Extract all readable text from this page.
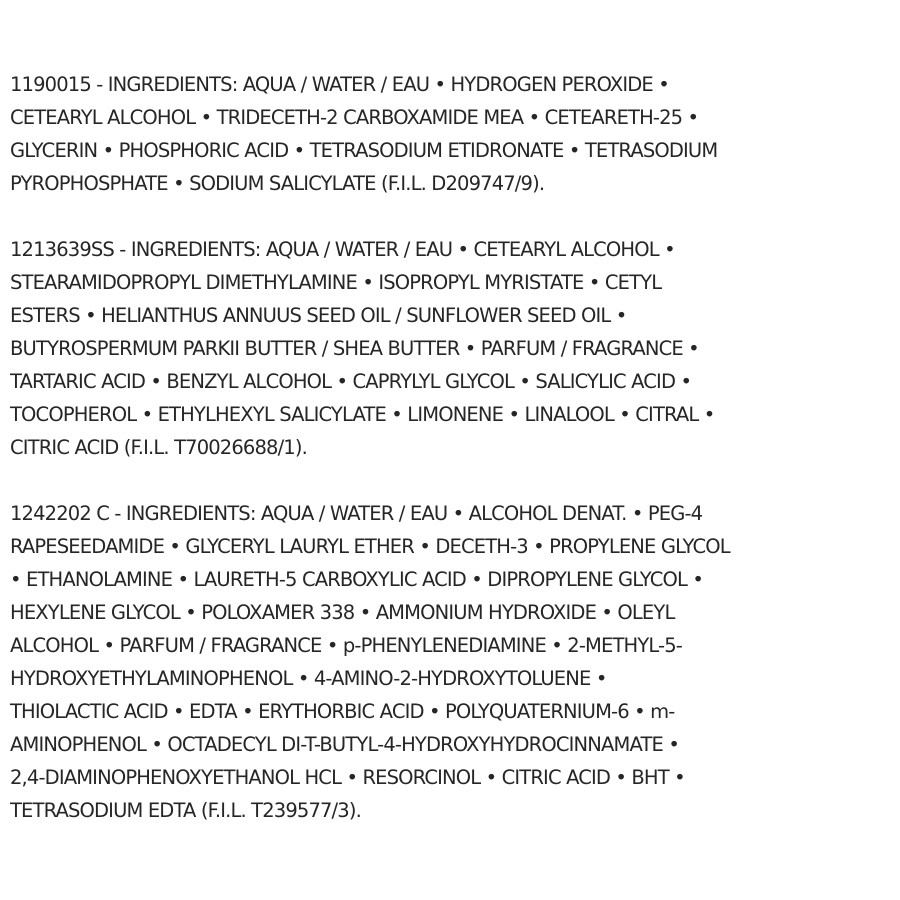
1190015 - INGREDIENTS: AQUA / WATER / EAU • HYDROGEN PEROXIDE •
CETEARYL ALCOHOL • TRIDECETH-2 CARBOXAMIDE MEA • CETEARETH-25 •
GLYCERIN • PHOSPHORIC ACID • TETRASODIUM ETIDRONATE • TETRASODIUM
PYROPHOSPHATE • SODIUM SALICYLATE (F.I.L. D209747/9).
1213639SS - INGREDIENTS: AQUA / WATER / EAU • CETEARYL ALCOHOL •
STEARAMIDOPROPYL DIMETHYLAMINE • ISOPROPYL MYRISTATE • CETYL
ESTERS • HELIANTHUS ANNUUS SEED OIL / SUNFLOWER SEED OIL •
BUTYROSPERMUM PARKII BUTTER / SHEA BUTTER • PARFUM / FRAGRANCE •
TARTARIC ACID • BENZYL ALCOHOL • CAPRYLYL GLYCOL • SALICYLIC ACID •
TOCOPHEROL • ETHYLHEXYL SALICYLATE • LIMONENE • LINALOOL • CITRAL •
CITRIC ACID (F.I.L. T70026688/1).
1242202 C - INGREDIENTS: AQUA / WATER / EAU • ALCOHOL DENAT. • PEG-4
RAPESEEDAMIDE • GLYCERYL LAURYL ETHER • DECETH-3 • PROPYLENE GLYCOL
• ETHANOLAMINE • LAURETH-5 CARBOXYLIC ACID • DIPROPYLENE GLYCOL •
HEXYLENE GLYCOL • POLOXAMER 338 • AMMONIUM HYDROXIDE • OLEYL
ALCOHOL • PARFUM / FRAGRANCE • p-PHENYLENEDIAMINE • 2-METHYL-5-
HYDROXYETHYLAMINOPHENOL • 4-AMINO-2-HYDROXYTOLUENE •
THIOLACTIC ACID • EDTA • ERYTHORBIC ACID • POLYQUATERNIUM-6 • m-
AMINOPHENOL • OCTADECYL DI-T-BUTYL-4-HYDROXYHYDROCINNAMATE •
2,4-DIAMINOPHENOXYETHANOL HCL • RESORCINOL • CITRIC ACID • BHT •
TETRASODIUM EDTA (F.I.L. T239577/3).
